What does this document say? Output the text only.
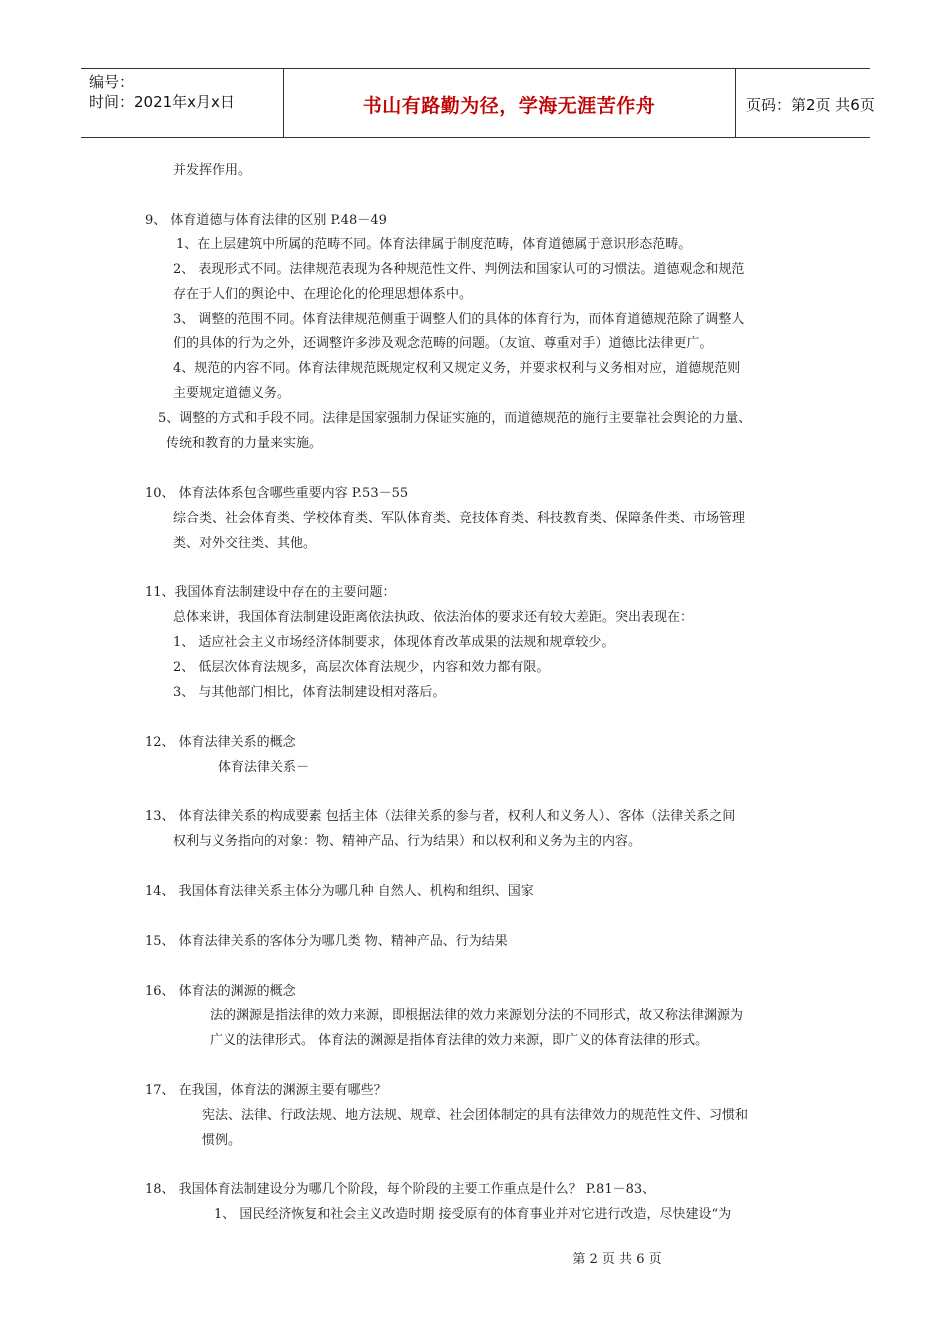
编号：
时间：2021年x月x日	书山有路勤为径，学海无涯苦作舟	页码：第2页 共6页
并发挥作用。
9、 体育道德与体育法律的区别 P.48－49
1、在上层建筑中所属的范畴不同。体育法律属于制度范畴，体育道德属于意识形态范畴。
2、 表现形式不同。法律规范表现为各种规范性文件、判例法和国家认可的习惯法。道德观念和规范
存在于人们的舆论中、在理论化的伦理思想体系中。
3、 调整的范围不同。体育法律规范侧重于调整人们的具体的体育行为，而体育道德规范除了调整人
们的具体的行为之外，还调整许多涉及观念范畴的问题。（友谊、尊重对手）道德比法律更广。
4、规范的内容不同。体育法律规范既规定权利又规定义务，并要求权利与义务相对应，道德规范则
主要规定道德义务。
5、调整的方式和手段不同。法律是国家强制力保证实施的，而道德规范的施行主要靠社会舆论的力量、
传统和教育的力量来实施。
10、 体育法体系包含哪些重要内容 P.53－55
综合类、社会体育类、学校体育类、军队体育类、竞技体育类、科技教育类、保障条件类、市场管理
类、对外交往类、其他。
11、我国体育法制建设中存在的主要问题：
总体来讲，我国体育法制建设距离依法执政、依法治体的要求还有较大差距。突出表现在：
1、 适应社会主义市场经济体制要求，体现体育改革成果的法规和规章较少。
2、 低层次体育法规多，高层次体育法规少，内容和效力都有限。
3、 与其他部门相比，体育法制建设相对落后。
12、 体育法律关系的概念
体育法律关系－
13、 体育法律关系的构成要素 包括主体（法律关系的参与者，权利人和义务人）、客体（法律关系之间
权利与义务指向的对象：物、精神产品、行为结果）和以权利和义务为主的内容。
14、 我国体育法律关系主体分为哪几种 自然人、机构和组织、国家
15、 体育法律关系的客体分为哪几类 物、精神产品、行为结果
16、 体育法的渊源的概念
法的渊源是指法律的效力来源，即根据法律的效力来源划分法的不同形式，故又称法律渊源为
广义的法律形式。 体育法的渊源是指体育法律的效力来源，即广义的体育法律的形式。
17、 在我国，体育法的渊源主要有哪些？
宪法、法律、行政法规、地方法规、规章、社会团体制定的具有法律效力的规范性文件、习惯和
惯例。
18、 我国体育法制建设分为哪几个阶段，每个阶段的主要工作重点是什么？ P.81－83、
1、 国民经济恢复和社会主义改造时期 接受原有的体育事业并对它进行改造，尽快建设“为
第 2 页 共 6 页
